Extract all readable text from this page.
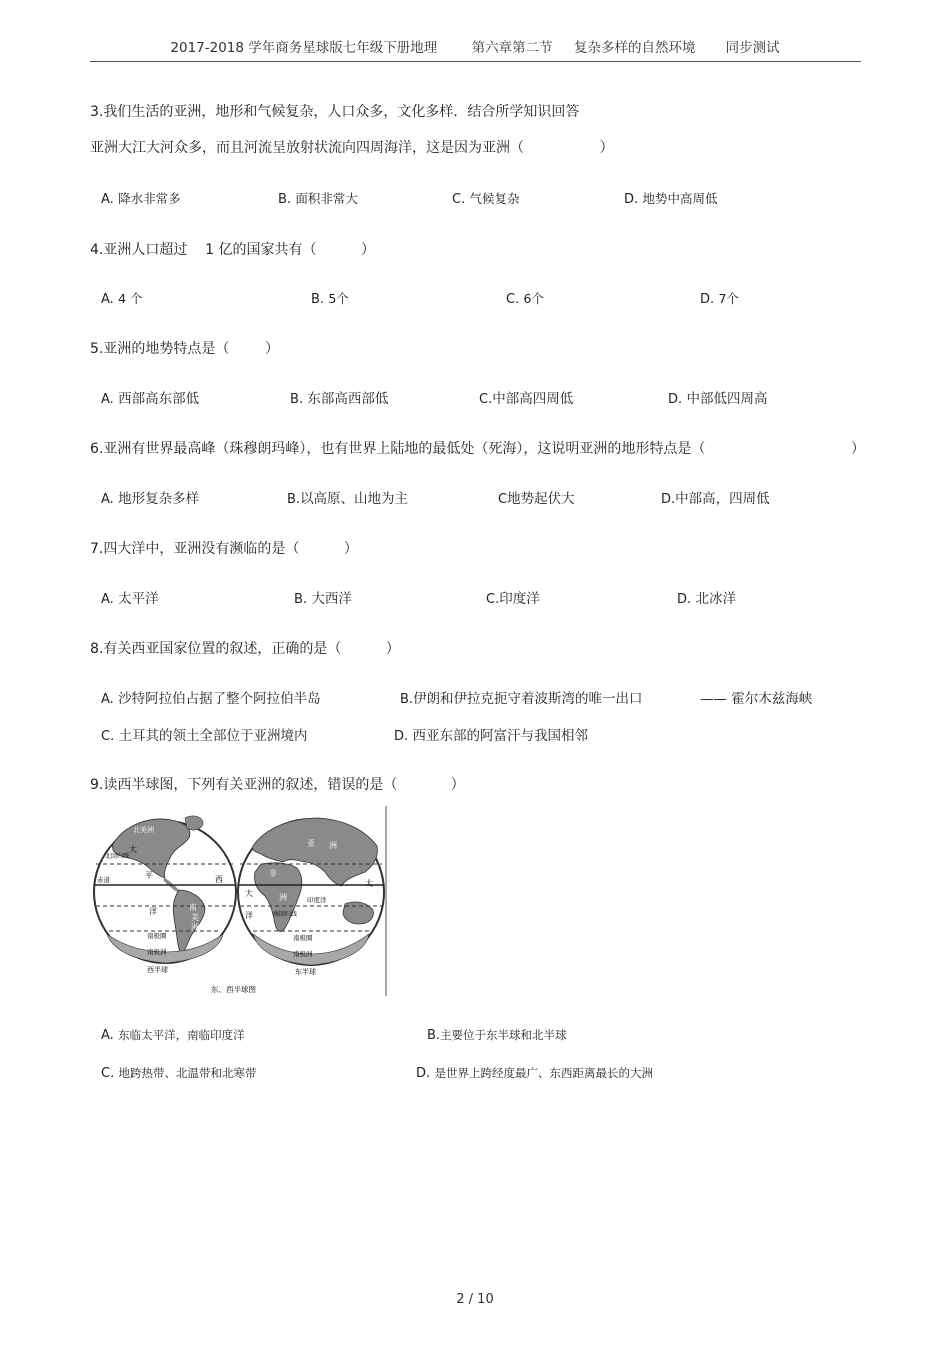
2017-2018 学年商务星球版七年级下册地理        第六章第二节     复杂多样的自然环境       同步测试
3.我们生活的亚洲，地形和气候复杂，人口众多，文化多样．结合所学知识回答
亚洲大江大河众多，而且河流呈放射状流向四周海洋，这是因为亚洲（                 ）
A. 降水非常多	B. 面积非常大	C. 气候复杂	D. 地势中高周低
4.亚洲人口超过    1 亿的国家共有（          ）
A. 4 个	B. 5个	C. 6个	D. 7个
5.亚洲的地势特点是（        ）
A. 西部高东部低	B. 东部高西部低	C.中部高四周低	D. 中部低四周高
6.亚洲有世界最高峰（珠穆朗玛峰），也有世界上陆地的最低处（死海），这说明亚洲的地形特点是（	）
A. 地形复杂多样	B.以高原、山地为主	C地势起伏大	D.中部高，四周低
7.四大洋中，亚洲没有濒临的是（          ）
A. 太平洋	B. 大西洋	C.印度洋	D. 北冰洋
8.有关西亚国家位置的叙述，正确的是（          ）
A. 沙特阿拉伯占据了整个阿拉伯半岛	B.伊朗和伊拉克扼守着波斯湾的唯一出口	—— 霍尔木兹海峡
C. 土耳其的领土全部位于亚洲境内	D. 西亚东部的阿富汗与我国相邻
9.读西半球图，下列有关亚洲的叙述，错误的是（            ）
北美洲
北回归线
大
平
赤道
南
美
洲
西
洋
南极圈
南极洲
亚 洲
非
洲
大
洋
印度洋
南回归线
南极圈
南极洲
太
西半球	东半球
东、西半球图
A. 东临太平洋，南临印度洋	B.主要位于东半球和北半球
C. 地跨热带、北温带和北寒带	D. 是世界上跨经度最广、东西距离最长的大洲
2 / 10
